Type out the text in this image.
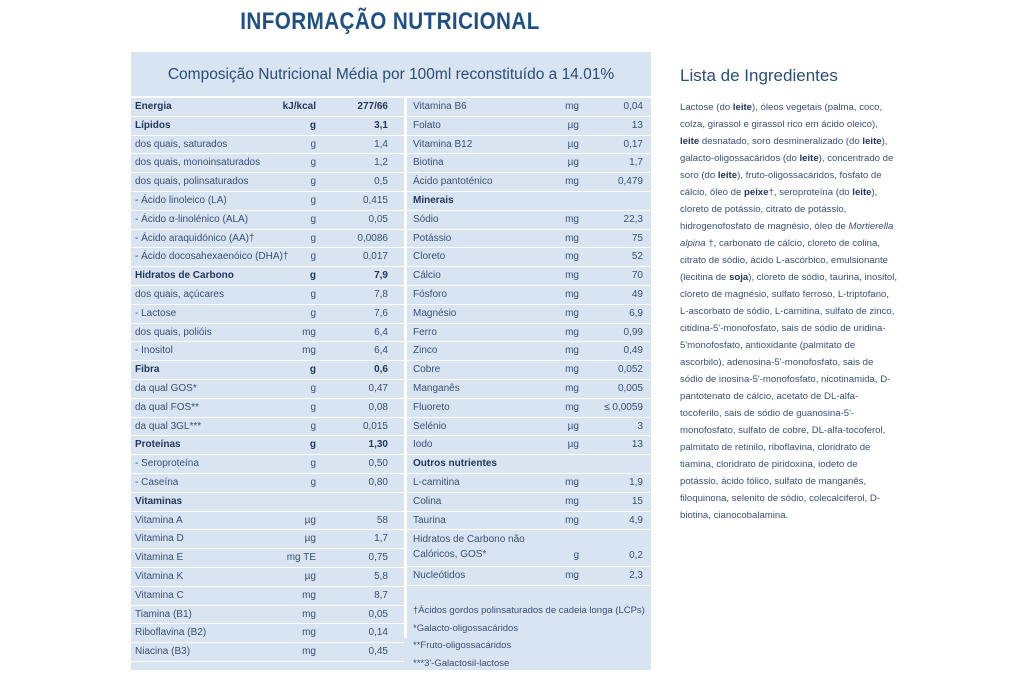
INFORMAÇÃO NUTRICIONAL
Composição Nutricional Média por 100ml reconstituído a 14.01%
Energia	kJ/kcal	277/66
Lípidos	g	3,1
dos quais, saturados	g	1,4
dos quais, monoinsaturados	g	1,2
dos quais, polinsaturados	g	0,5
- Ácido linoleico (LA)	g	0,415
- Ácido α-linolénico (ALA)	g	0,05
- Ácido araquidónico (AA)†	g	0,0086
- Ácido docosahexaenóico (DHA)† g	0,017
Hidratos de Carbono	g	7,9
dos quais, açúcares	g	7,8
- Lactose	g	7,6
dos quais, polióis	mg	6,4
- Inositol	mg	6,4
Fibra	g	0,6
da qual GOS*	g	0,47
da qual FOS**	g	0,08
da qual 3GL***	g	0,015
Proteínas	g	1,30
- Seroproteína	g	0,50
- Caseína	g	0,80
Vitaminas
Vitamina A	µg	58
Vitamina D	µg	1,7
Vitamina E	mg TE	0,75
Vitamina K	µg	5,8
Vitamina C	mg	8,7
Tiamina (B1)	mg	0,05
Riboflavina (B2)	mg	0,14
Niacina (B3)	mg	0,45
Vitamina B6	mg	0,04
Folato	µg	13
Vitamina B12	µg	0,17
Biotina	µg	1,7
Ácido pantoténico	mg	0,479
Minerais
Sódio	mg	22,3
Potássio	mg	75
Cloreto	mg	52
Cálcio	mg	70
Fósforo	mg	49
Magnésio	mg	6,9
Ferro	mg	0,99
Zinco	mg	0,49
Cobre	mg	0,052
Manganês	mg	0,005
Fluoreto	mg	≤ 0,0059
Selénio	µg	3
Iodo	µg	13
Outros nutrientes
L-carnitina	mg	1,9
Colina	mg	15
Taurina	mg	4,9
Hidratos de Carbono não Calóricos, GOS*	g	0,2
Nucleótidos	mg	2,3
†Ácidos gordos polinsaturados de cadeia longa (LCPs)
*Galacto-oligossacáridos
**Fruto-oligossacáridos
***3'-Galactosil-lactose
Lista de Ingredientes
Lactose (do leite), óleos vegetais (palma, coco, colza, girassol e girassol rico em ácido oleico), leite desnatado, soro desmineralizado (do leite), galacto-oligossacáridos (do leite), concentrado de soro (do leite), fruto-oligossacáridos, fosfato de cálcio, óleo de peixe†, seroproteína (do leite), cloreto de potássio, citrato de potássio, hidrogenofosfato de magnésio, óleo de Mortierella alpina †, carbonato de cálcio, cloreto de colina, citrato de sódio, ácido L-ascórbico, emulsionante (lecitina de soja), cloreto de sódio, taurina, inositol, cloreto de magnésio, sulfato ferroso, L-triptofano, L-ascorbato de sódio, L-carnitina, sulfato de zinco, citidina-5'-monofosfato, sais de sódio de uridina-5'monofosfato, antioxidante (palmitato de ascorbilo), adenosina-5'-monofosfato, sais de sódio de inosina-5'-monofosfato, nicotinamida, D-pantotenato de cálcio, acetato de DL-alfa-tocoferilo, sais de sódio de guanosina-5'-monofosfato, sulfato de cobre, DL-alfa-tocoferol, palmitato de retinilo, riboflavina, cloridrato de tiamina, cloridrato de piridoxina, iodeto de potássio, ácido fólico, sulfato de manganês, filoquinona, selenito de sódio, colecalciferol, D-biotina, cianocobalamina.
